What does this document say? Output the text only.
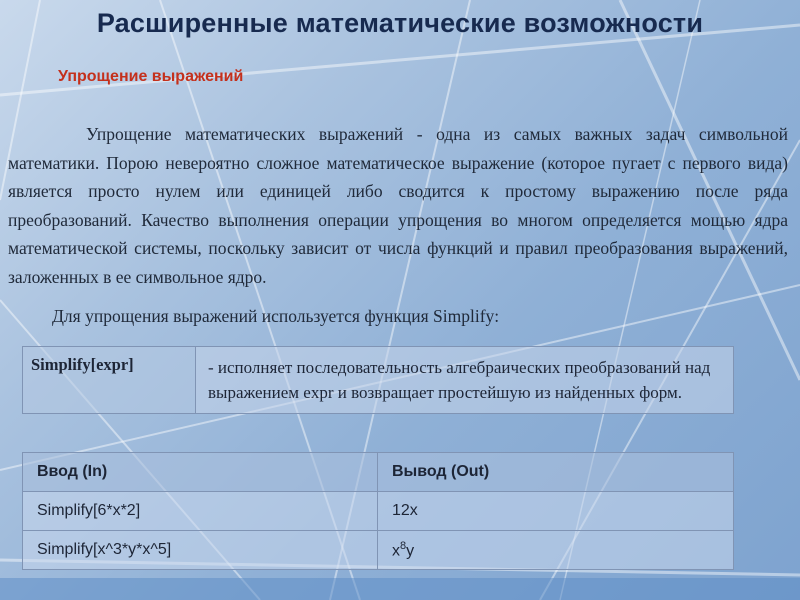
Расширенные математические возможности
Упрощение выражений
Упрощение математических выражений - одна из самых важных задач символьной математики. Порою невероятно сложное математическое выражение (которое пугает с первого вида) является просто нулем или единицей либо сводится к простому выражению после ряда преобразований. Качество выполнения операции упрощения во многом определяется мощью ядра математической системы, поскольку зависит от числа функций и правил преобразования выражений, заложенных в ее символьное ядро.
Для упрощения выражений используется функция Simplify:
Simplify[expr]	- исполняет последовательность алгебраических преобразований над выражением expr и возвращает простейшую из найденных форм.
Ввод (In)	Вывод (Out)
Simplify[6*x*2]	12x
Simplify[x^3*y*x^5]	$x^8y$
